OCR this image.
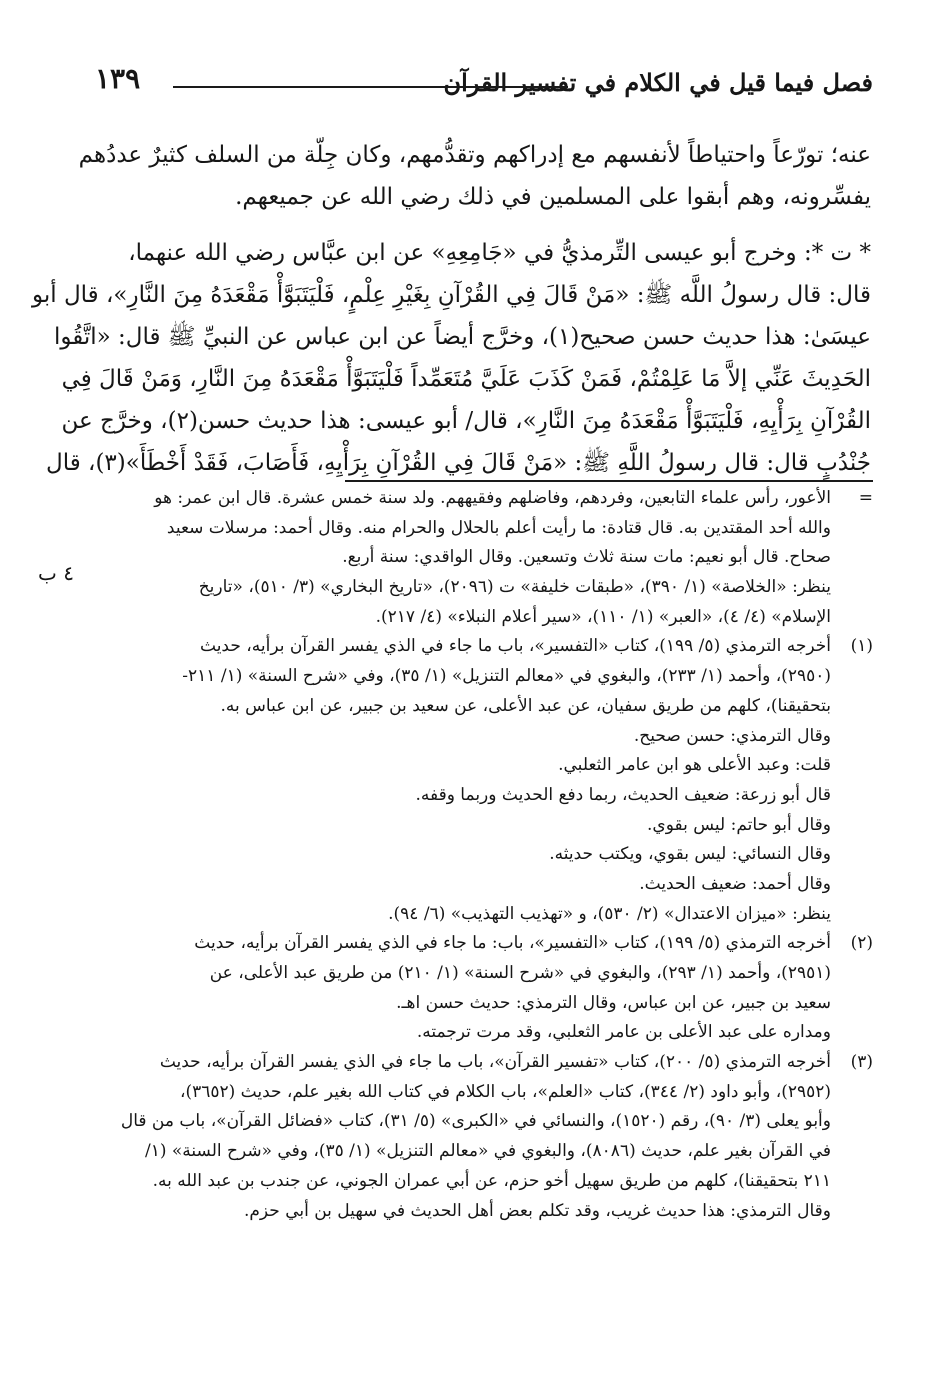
فصل فيما قيل في الكلام في تفسير القرآن
١٣٩
عنه؛ تورّعاً واحتياطاً لأنفسهم مع إدراكهم وتقدُّمهم، وكان جِلّة من السلف كثيرٌ عددُهم
يفسِّرونه، وهم أبقوا على المسلمين في ذلك رضي الله عن جميعهم.
* ت *: وخرج أبو عيسى التِّرمذيُّ في «جَامِعِهِ» عن ابن عبَّاس رضي الله عنهما،
قال: قال رسولُ اللَّه ﷺ: «مَنْ قَالَ فِي القُرْآنِ بِغَيْرِ عِلْمٍ، فَلْيَتَبَوَّأْ مَقْعَدَهُ مِنَ النَّارِ»، قال أبو
عيسَىٰ: هذا حديث حسن صحيح(١)، وخرَّج أيضاً عن ابن عباس عن النبيِّ ﷺ قال: «اتَّقُوا
الحَدِيثَ عَنِّي إلاَّ مَا عَلِمْتُمْ، فَمَنْ كَذَبَ عَلَيَّ مُتَعَمِّداً فَلْيَتَبَوَّأْ مَقْعَدَهُ مِنَ النَّارِ، وَمَنْ قَالَ فِي
القُرْآنِ بِرَأْيِهِ، فَلْيَتَبَوَّأْ مَقْعَدَهُ مِنَ النَّارِ»، قال/ أبو عيسى: هذا حديث حسن(٢)، وخرَّج عن
جُنْدُبٍ قال: قال رسولُ اللَّهِ ﷺ: «مَنْ قَالَ فِي القُرْآنِ بِرَأْيِهِ، فَأَصَابَ، فَقَدْ أَخْطَأَ»(٣)، قال
٤ ب
=الأعور، رأس علماء التابعين، وفردهم، وفاضلهم وفقيههم. ولد سنة خمس عشرة. قال ابن عمر: هو
والله أحد المقتدين به. قال قتادة: ما رأيت أعلم بالحلال والحرام منه. وقال أحمد: مرسلات سعيد
صحاح. قال أبو نعيم: مات سنة ثلاث وتسعين. وقال الواقدي: سنة أربع.
ينظر: «الخلاصة» (١/ ٣٩٠)، «طبقات خليفة» ت (٢٠٩٦)، «تاريخ البخاري» (٣/ ٥١٠)، «تاريخ
الإسلام» (٤/ ٤)، «العبر» (١/ ١١٠)، «سير أعلام النبلاء» (٤/ ٢١٧).
(١)أخرجه الترمذي (٥/ ١٩٩)، كتاب «التفسير»، باب ما جاء في الذي يفسر القرآن برأيه، حديث
(٢٩٥٠)، وأحمد (١/ ٢٣٣)، والبغوي في «معالم التنزيل» (١/ ٣٥)، وفي «شرح السنة» (١/ ٢١١-
بتحقيقنا)، كلهم من طريق سفيان، عن عبد الأعلى، عن سعيد بن جبير، عن ابن عباس به.
وقال الترمذي: حسن صحيح.
قلت: وعبد الأعلى هو ابن عامر الثعلبي.
قال أبو زرعة: ضعيف الحديث، ربما دفع الحديث وربما وقفه.
وقال أبو حاتم: ليس بقوي.
وقال النسائي: ليس بقوي، ويكتب حديثه.
وقال أحمد: ضعيف الحديث.
ينظر: «ميزان الاعتدال» (٢/ ٥٣٠)، و «تهذيب التهذيب» (٦/ ٩٤).
(٢)أخرجه الترمذي (٥/ ١٩٩)، كتاب «التفسير»، باب: ما جاء في الذي يفسر القرآن برأيه، حديث
(٢٩٥١)، وأحمد (١/ ٢٩٣)، والبغوي في «شرح السنة» (١/ ٢١٠) من طريق عبد الأعلى، عن
سعيد بن جبير، عن ابن عباس، وقال الترمذي: حديث حسن اهـ.
ومداره على عبد الأعلى بن عامر الثعلبي، وقد مرت ترجمته.
(٣)أخرجه الترمذي (٥/ ٢٠٠)، كتاب «تفسير القرآن»، باب ما جاء في الذي يفسر القرآن برأيه، حديث
(٢٩٥٢)، وأبو داود (٢/ ٣٤٤)، كتاب «العلم»، باب الكلام في كتاب الله بغير علم، حديث (٣٦٥٢)،
وأبو يعلى (٣/ ٩٠)، رقم (١٥٢٠)، والنسائي في «الكبرى» (٥/ ٣١)، كتاب «فضائل القرآن»، باب من قال
في القرآن بغير علم، حديث (٨٠٨٦)، والبغوي في «معالم التنزيل» (١/ ٣٥)، وفي «شرح السنة» (١/
٢١١ بتحقيقنا)، كلهم من طريق سهيل أخو حزم، عن أبي عمران الجوني، عن جندب بن عبد الله به.
وقال الترمذي: هذا حديث غريب، وقد تكلم بعض أهل الحديث في سهيل بن أبي حزم.
